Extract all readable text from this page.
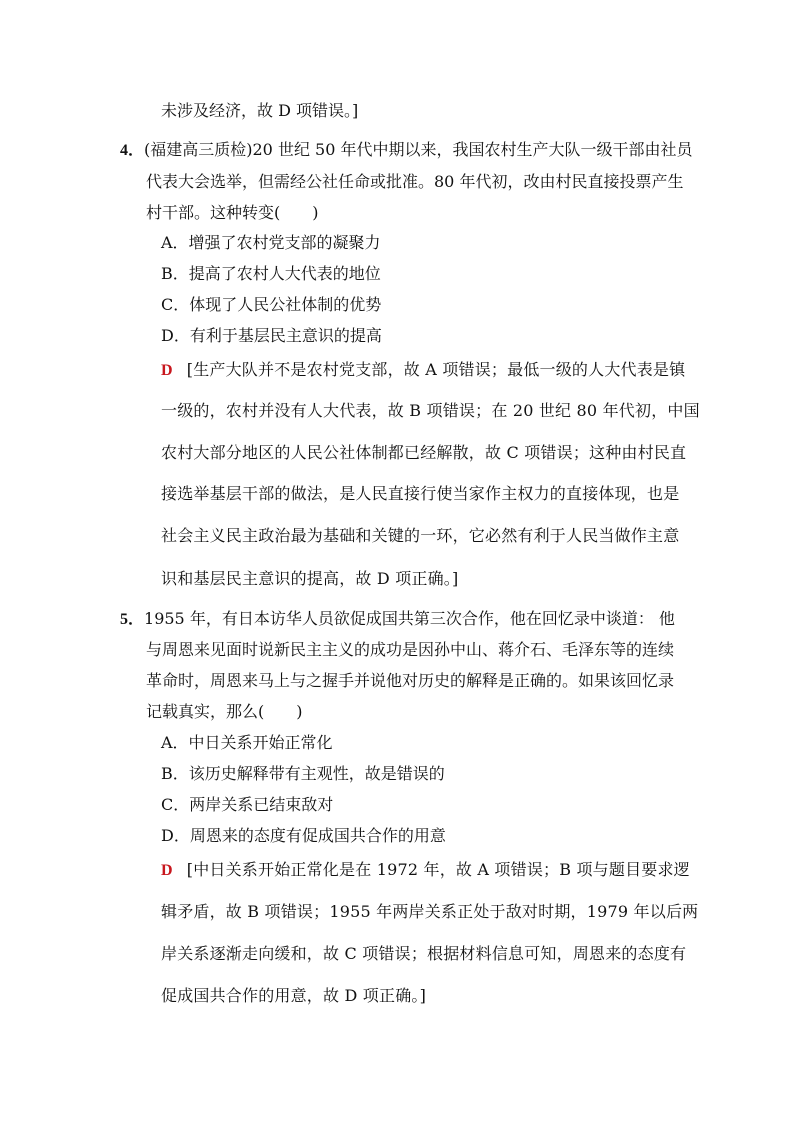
未涉及经济，故 D 项错误。]
4．(福建高三质检)20 世纪 50 年代中期以来，我国农村生产大队一级干部由社员
代表大会选举，但需经公社任命或批准。80 年代初，改由村民直接投票产生
村干部。这种转变(　　)
A．增强了农村党支部的凝聚力
B．提高了农村人大代表的地位
C．体现了人民公社体制的优势
D．有利于基层民主意识的提高
D [生产大队并不是农村党支部，故 A 项错误；最低一级的人大代表是镇
一级的，农村并没有人大代表，故 B 项错误；在 20 世纪 80 年代初，中国
农村大部分地区的人民公社体制都已经解散，故 C 项错误；这种由村民直
接选举基层干部的做法，是人民直接行使当家作主权力的直接体现，也是
社会主义民主政治最为基础和关键的一环，它必然有利于人民当做作主意
识和基层民主意识的提高，故 D 项正确。]
5．1955 年，有日本访华人员欲促成国共第三次合作，他在回忆录中谈道： 他
与周恩来见面时说新民主主义的成功是因孙中山、蒋介石、毛泽东等的连续
革命时，周恩来马上与之握手并说他对历史的解释是正确的。如果该回忆录
记载真实，那么(　　)
A．中日关系开始正常化
B．该历史解释带有主观性，故是错误的
C．两岸关系已结束敌对
D．周恩来的态度有促成国共合作的用意
D [中日关系开始正常化是在 1972 年，故 A 项错误；B 项与题目要求逻
辑矛盾，故 B 项错误；1955 年两岸关系正处于敌对时期，1979 年以后两
岸关系逐渐走向缓和，故 C 项错误；根据材料信息可知，周恩来的态度有
促成国共合作的用意，故 D 项正确。]
